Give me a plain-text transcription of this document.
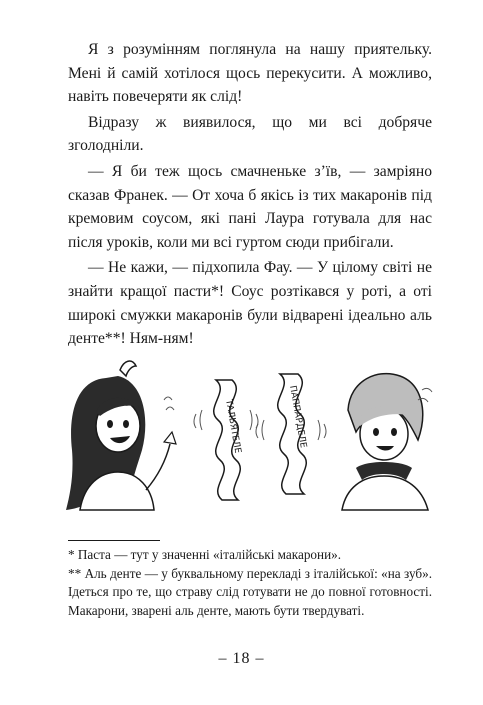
Я з розумінням поглянула на нашу приятельку. Мені й самій хотілося щось перекусити. А можливо, навіть повечеряти як слід!

Відразу ж виявилося, що ми всі добряче зголодніли.

— Я би теж щось смачненьке з’їв, — замріяно сказав Франек. — От хоча б якісь із тих макаронів під кремовим соусом, які пані Лаура готувала для нас після уроків, коли ми всі гуртом сюди прибігали.

— Не кажи, — підхопила Фау. — У цілому світі не знайти кращої пасти*! Соус розтікався у роті, а оті широкі смужки макаронів були відварені ідеально аль денте**! Ням-ням!

ТАЛЬЯТЕЛЕ	ПАППАРДЕЛЕ

* Паста — тут у значенні «італійські макарони».

** Аль денте — у буквальному перекладі з італійської: «на зуб». Ідеться про те, що страву слід готувати не до повної готовності. Макарони, зварені аль денте, мають бути твердуваті.

– 18 –
